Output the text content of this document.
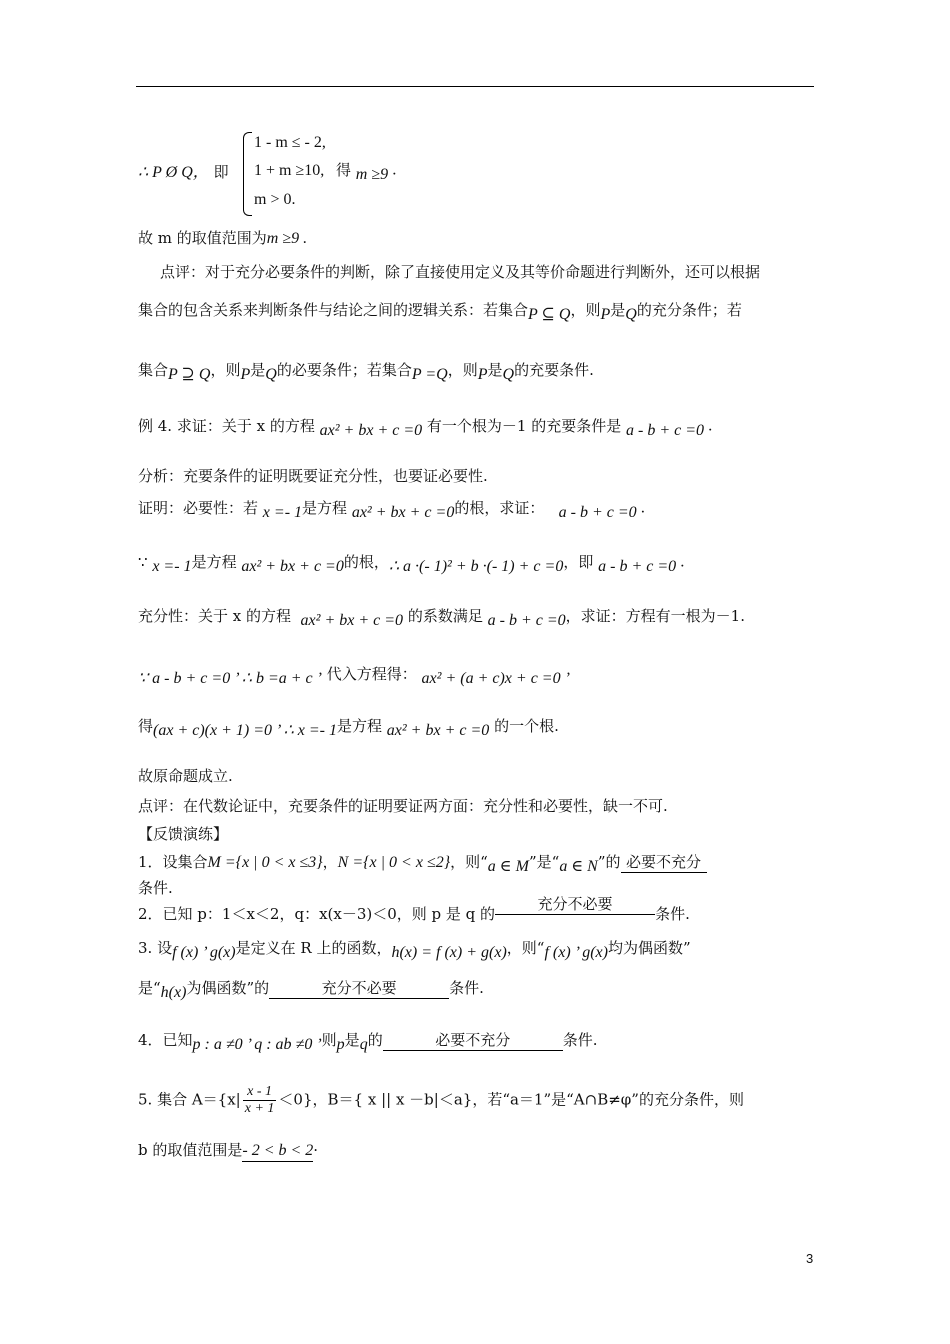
∴ P Ø Q， 即
1 - m ≤ - 2,
1 + m ≥10,
m > 0.
得 m ≥9 ·
故 m 的取值范围为m ≥9 .
点评：对于充分必要条件的判断，除了直接使用定义及其等价命题进行判断外，还可以根据
集合的包含关系来判断条件与结论之间的逻辑关系：若集合P ⊆ Q，则P是Q的充分条件；若
集合P ⊇ Q，则P是Q的必要条件；若集合P =Q，则P是Q的充要条件.
例 4. 求证：关于 x 的方程 ax² + bx + c =0 有一个根为－1 的充要条件是 a - b + c =0 ·
分析：充要条件的证明既要证充分性，也要证必要性.
证明：必要性：若 x =- 1是方程 ax² + bx + c =0的根，求证： a - b + c =0 ·
∵ x =- 1是方程 ax² + bx + c =0的根，∴ a ·(- 1)² + b ·(- 1) + c =0，即 a - b + c =0 ·
充分性：关于 x 的方程 ax² + bx + c =0 的系数满足 a - b + c =0，求证：方程有一根为－1.
∵ a - b + c =0 ’ ∴ b =a + c ’ 代入方程得： ax² + (a + c)x + c =0 ’
得(ax + c)(x + 1) =0 ’ ∴ x =- 1是方程 ax² + bx + c =0 的一个根.
故原命题成立.
点评：在代数论证中，充要条件的证明要证两方面：充分性和必要性，缺一不可.
【反馈演练】
1．设集合M ={x | 0 < x ≤3}，N ={x | 0 < x ≤2}，则“a ∈ M”是“a ∈ N”的 必要不充分
条件.
2．已知 p：1＜x＜2，q：x(x－3)＜0，则 p 是 q 的充分不必要条件.
3. 设f (x) ’ g(x)是定义在 R 上的函数，h(x) = f (x) + g(x)，则“f (x) ’ g(x)均为偶函数”
是“h(x)为偶函数”的	充分不必要	条件.
4．已知p : a ≠0 ’ q : ab ≠0 ’则p是q的	必要不充分	条件.
5. 集合 $A=\{x| \frac{x - 1}{x + 1} <0\}$，B＝{ x || x －b|＜a}，若“a＝1”是“A∩B≠φ”的充分条件，则
b 的取值范围是- 2 < b < 2·
3
